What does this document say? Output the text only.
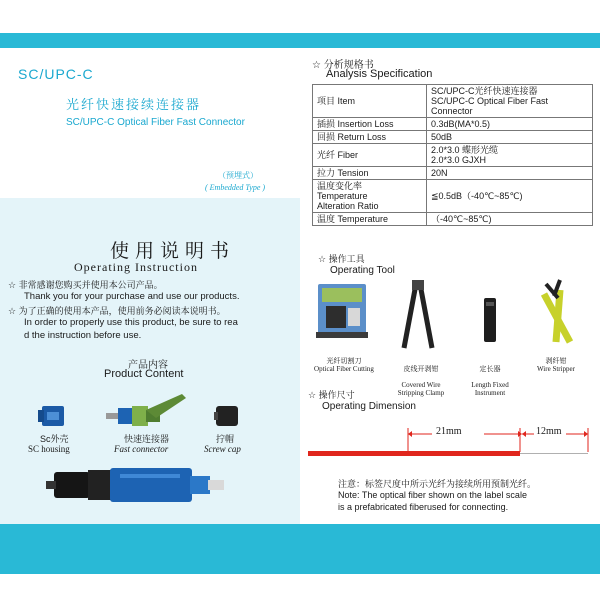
SC/UPC-C
光纤快速接续连接器
SC/UPC-C Optical Fiber Fast Connector
（预埋式）
( Embedded Type )
使用说明书
Operating Instruction
☆ 非常感谢您购买并使用本公司产品。
Thank you for your purchase and use our products.
☆ 为了正确的使用本产品，使用前务必阅读本说明书。
In order to properly use this product, be sure to rea
d the instruction before use.
产品内容
Product Content
Sc外壳
SC housing
快速连接器
Fast connector
拧帽
Screw cap
☆ 分析规格书
Analysis Specification
项目 Item	SC/UPC-C光纤快速连接器
SC/UPC-C Optical Fiber Fast
Connector
插损 Insertion Loss	0.3dB(MA*0.5)
回损 Return Loss	50dB
光纤 Fiber	2.0*3.0 蝶形光缆
2.0*3.0 GJXH
拉力 Tension	20N
温度变化率
Temperature
Alteration Ratio	≦0.5dB（-40℃~85℃)
温度 Temperature	（-40℃~85℃)
☆ 操作工具
Operating Tool
光纤切割刀
Optical Fiber Cutting	皮线开剥钳

Covered Wire
Stripping Clamp

定长器

Length Fixed
Instrument

剥纤钳
Wire Stripper
☆ 操作尺寸
Operating Dimension
21mm	12mm
注意：标签尺度中所示光纤为接续所用预制光纤。
Note: The optical fiber shown on the label scale
is a prefabricated fiberused for connecting.
